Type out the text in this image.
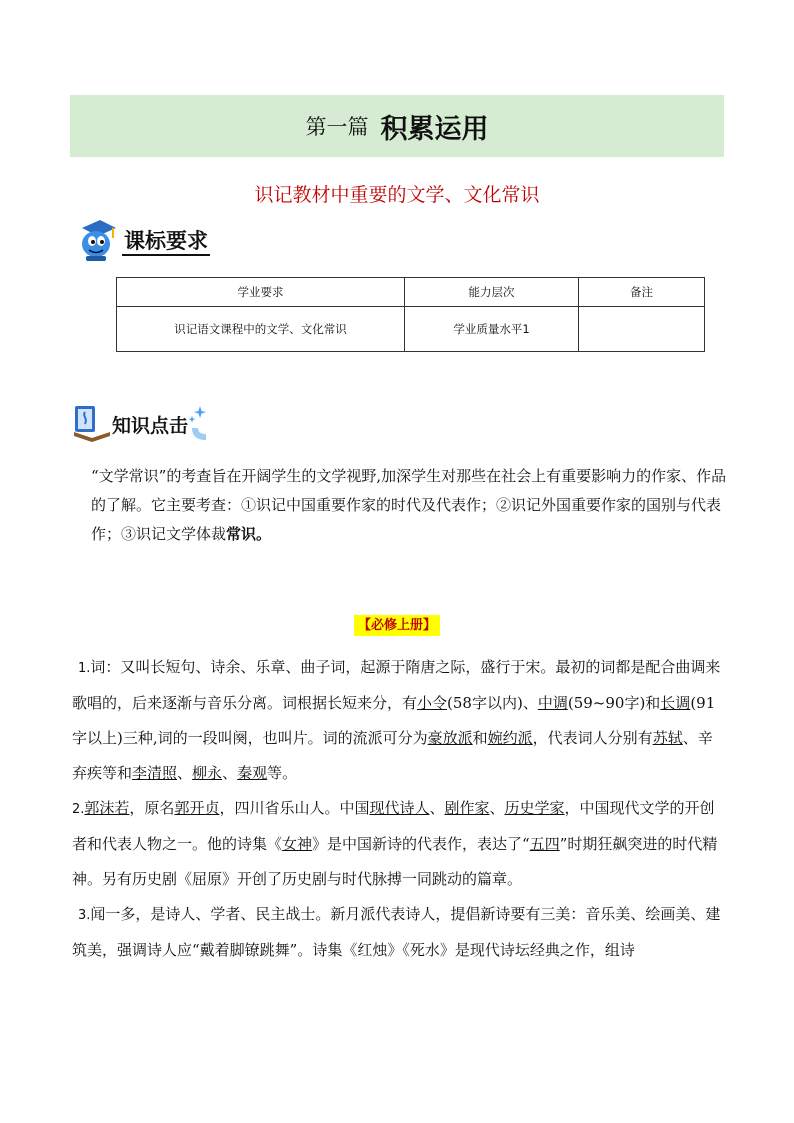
第一篇 积累运用
识记教材中重要的文学、文化常识
课标要求
学业要求	能力层次	备注
识记语文课程中的文学、文化常识	学业质量水平1	
知识点击
“文学常识”的考查旨在开阔学生的文学视野,加深学生对那些在社会上有重要影响力的作家、作品的了解。它主要考查：①识记中国重要作家的时代及代表作；②识记外国重要作家的国别与代表作；③识记文学体裁常识。
【必修上册】

1.词：又叫长短句、诗余、乐章、曲子词，起源于隋唐之际，盛行于宋。最初的词都是配合曲调来歌唱的，后来逐渐与音乐分离。词根据长短来分，有小令(58字以内)、中调(59~90字)和长调(91字以上)三种,词的一段叫阕，也叫片。词的流派可分为豪放派和婉约派，代表词人分别有苏轼、辛弃疾等和李清照、柳永、秦观等。

2.郭沫若，原名郭开贞，四川省乐山人。中国现代诗人、剧作家、历史学家，中国现代文学的开创者和代表人物之一。他的诗集《女神》是中国新诗的代表作，表达了“五四”时期狂飙突进的时代精神。另有历史剧《屈原》开创了历史剧与时代脉搏一同跳动的篇章。

3.闻一多，是诗人、学者、民主战士。新月派代表诗人，提倡新诗要有三美：音乐美、绘画美、建筑美，强调诗人应“戴着脚镣跳舞”。诗集《红烛》《死水》是现代诗坛经典之作，组诗
